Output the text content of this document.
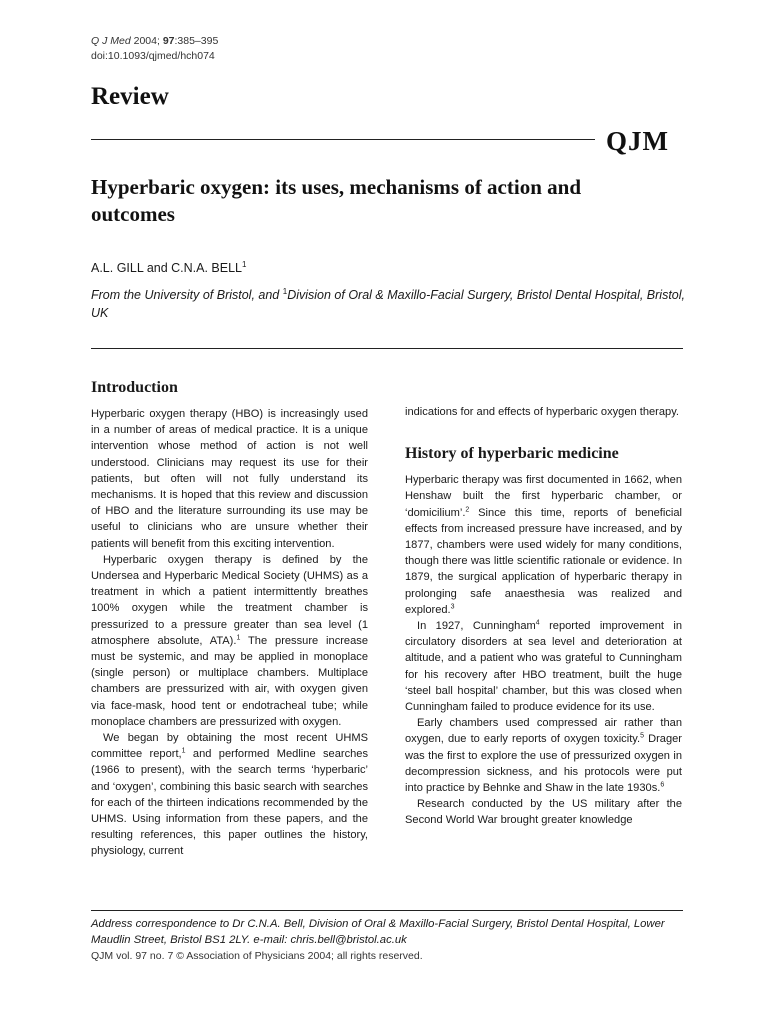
Q J Med 2004; 97:385–395
doi:10.1093/qjmed/hch074
Review
QJM
Hyperbaric oxygen: its uses, mechanisms of action and outcomes
A.L. GILL and C.N.A. BELL$^1$
From the University of Bristol, and $^1$Division of Oral & Maxillo-Facial Surgery, Bristol Dental Hospital, Bristol, UK
Introduction

Hyperbaric oxygen therapy (HBO) is increasingly used in a number of areas of medical practice. It is a unique intervention whose method of action is not well understood. Clinicians may request its use for their patients, but often will not fully understand its mechanisms. It is hoped that this review and discussion of HBO and the literature surrounding its use may be useful to clinicians who are unsure whether their patients will benefit from this exciting intervention.

Hyperbaric oxygen therapy is defined by the Undersea and Hyperbaric Medical Society (UHMS) as a treatment in which a patient intermittently breathes 100% oxygen while the treatment chamber is pressurized to a pressure greater than sea level (1 atmosphere absolute, ATA).$^1$ The pressure increase must be systemic, and may be applied in monoplace (single person) or multiplace chambers. Multiplace chambers are pressurized with air, with oxygen given via face-mask, hood tent or endotracheal tube; while monoplace chambers are pressurized with oxygen.

We began by obtaining the most recent UHMS committee report,$^1$ and performed Medline searches (1966 to present), with the search terms ‘hyperbaric’ and ‘oxygen’, combining this basic search with searches for each of the thirteen indications recommended by the UHMS. Using information from these papers, and the resulting references, this paper outlines the history, physiology, current

indications for and effects of hyperbaric oxygen therapy.

History of hyperbaric medicine

Hyperbaric therapy was first documented in 1662, when Henshaw built the first hyperbaric chamber, or ‘domicilium’.$^2$ Since this time, reports of beneficial effects from increased pressure have increased, and by 1877, chambers were used widely for many conditions, though there was little scientific rationale or evidence. In 1879, the surgical application of hyperbaric therapy in prolonging safe anaesthesia was realized and explored.$^3$

In 1927, Cunningham$^4$ reported improvement in circulatory disorders at sea level and deterioration at altitude, and a patient who was grateful to Cunningham for his recovery after HBO treatment, built the huge ‘steel ball hospital’ chamber, but this was closed when Cunningham failed to produce evidence for its use.

Early chambers used compressed air rather than oxygen, due to early reports of oxygen toxicity.$^5$ Drager was the first to explore the use of pressurized oxygen in decompression sickness, and his protocols were put into practice by Behnke and Shaw in the late 1930s.$^6$

Research conducted by the US military after the Second World War brought greater knowledge

Address correspondence to Dr C.N.A. Bell, Division of Oral & Maxillo-Facial Surgery, Bristol Dental Hospital, Lower Maudlin Street, Bristol BS1 2LY. e-mail: chris.bell@bristol.ac.uk
QJM vol. 97 no. 7 © Association of Physicians 2004; all rights reserved.
